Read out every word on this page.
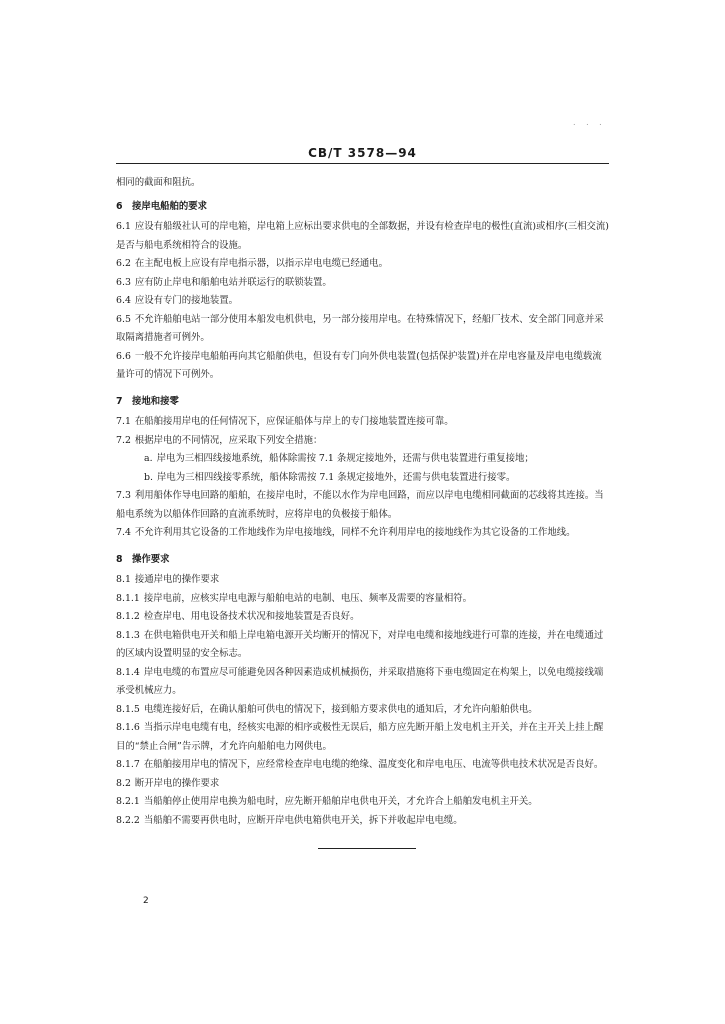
. . .
CB/T 3578—94

相同的截面和阻抗。

6 接岸电船舶的要求

6.1 应设有船级社认可的岸电箱，岸电箱上应标出要求供电的全部数据，并设有检查岸电的极性(直流)或相序(三相交流)是否与船电系统相符合的设施。

6.2 在主配电板上应设有岸电指示器，以指示岸电电缆已经通电。

6.3 应有防止岸电和船舶电站并联运行的联锁装置。

6.4 应设有专门的接地装置。

6.5 不允许船舶电站一部分使用本船发电机供电，另一部分接用岸电。在特殊情况下，经船厂技术、安全部门同意并采取隔离措施者可例外。

6.6 一般不允许接岸电船舶再向其它船舶供电，但设有专门向外供电装置(包括保护装置)并在岸电容量及岸电电缆载流量许可的情况下可例外。

7 接地和接零

7.1 在船舶接用岸电的任何情况下，应保证船体与岸上的专门接地装置连接可靠。

7.2 根据岸电的不同情况，应采取下列安全措施：

a. 岸电为三相四线接地系统，船体除需按 7.1 条规定接地外，还需与供电装置进行重复接地；

b. 岸电为三相四线接零系统，船体除需按 7.1 条规定接地外，还需与供电装置进行接零。

7.3 利用船体作导电回路的船舶，在接岸电时，不能以水作为岸电回路，而应以岸电电缆相同截面的芯线将其连接。当船电系统为以船体作回路的直流系统时，应将岸电的负极接于船体。

7.4 不允许利用其它设备的工作地线作为岸电接地线，同样不允许利用岸电的接地线作为其它设备的工作地线。

8 操作要求

8.1 接通岸电的操作要求

8.1.1 接岸电前，应核实岸电电源与船舶电站的电制、电压、频率及需要的容量相符。

8.1.2 检查岸电、用电设备技术状况和接地装置是否良好。

8.1.3 在供电箱供电开关和船上岸电箱电源开关均断开的情况下，对岸电电缆和接地线进行可靠的连接，并在电缆通过的区域内设置明显的安全标志。

8.1.4 岸电电缆的布置应尽可能避免因各种因素造成机械损伤，并采取措施将下垂电缆固定在构架上，以免电缆接线端承受机械应力。

8.1.5 电缆连接好后，在确认船舶可供电的情况下，接到船方要求供电的通知后，才允许向船舶供电。

8.1.6 当指示岸电电缆有电，经核实电源的相序或极性无误后，船方应先断开船上发电机主开关，并在主开关上挂上醒目的“禁止合闸”告示牌，才允许向船舶电力网供电。

8.1.7 在船舶接用岸电的情况下，应经常检查岸电电缆的绝缘、温度变化和岸电电压、电流等供电技术状况是否良好。

8.2 断开岸电的操作要求

8.2.1 当船舶停止使用岸电换为船电时，应先断开船舶岸电供电开关，才允许合上船舶发电机主开关。

8.2.2 当船舶不需要再供电时，应断开岸电供电箱供电开关，拆下并收起岸电电缆。

2
